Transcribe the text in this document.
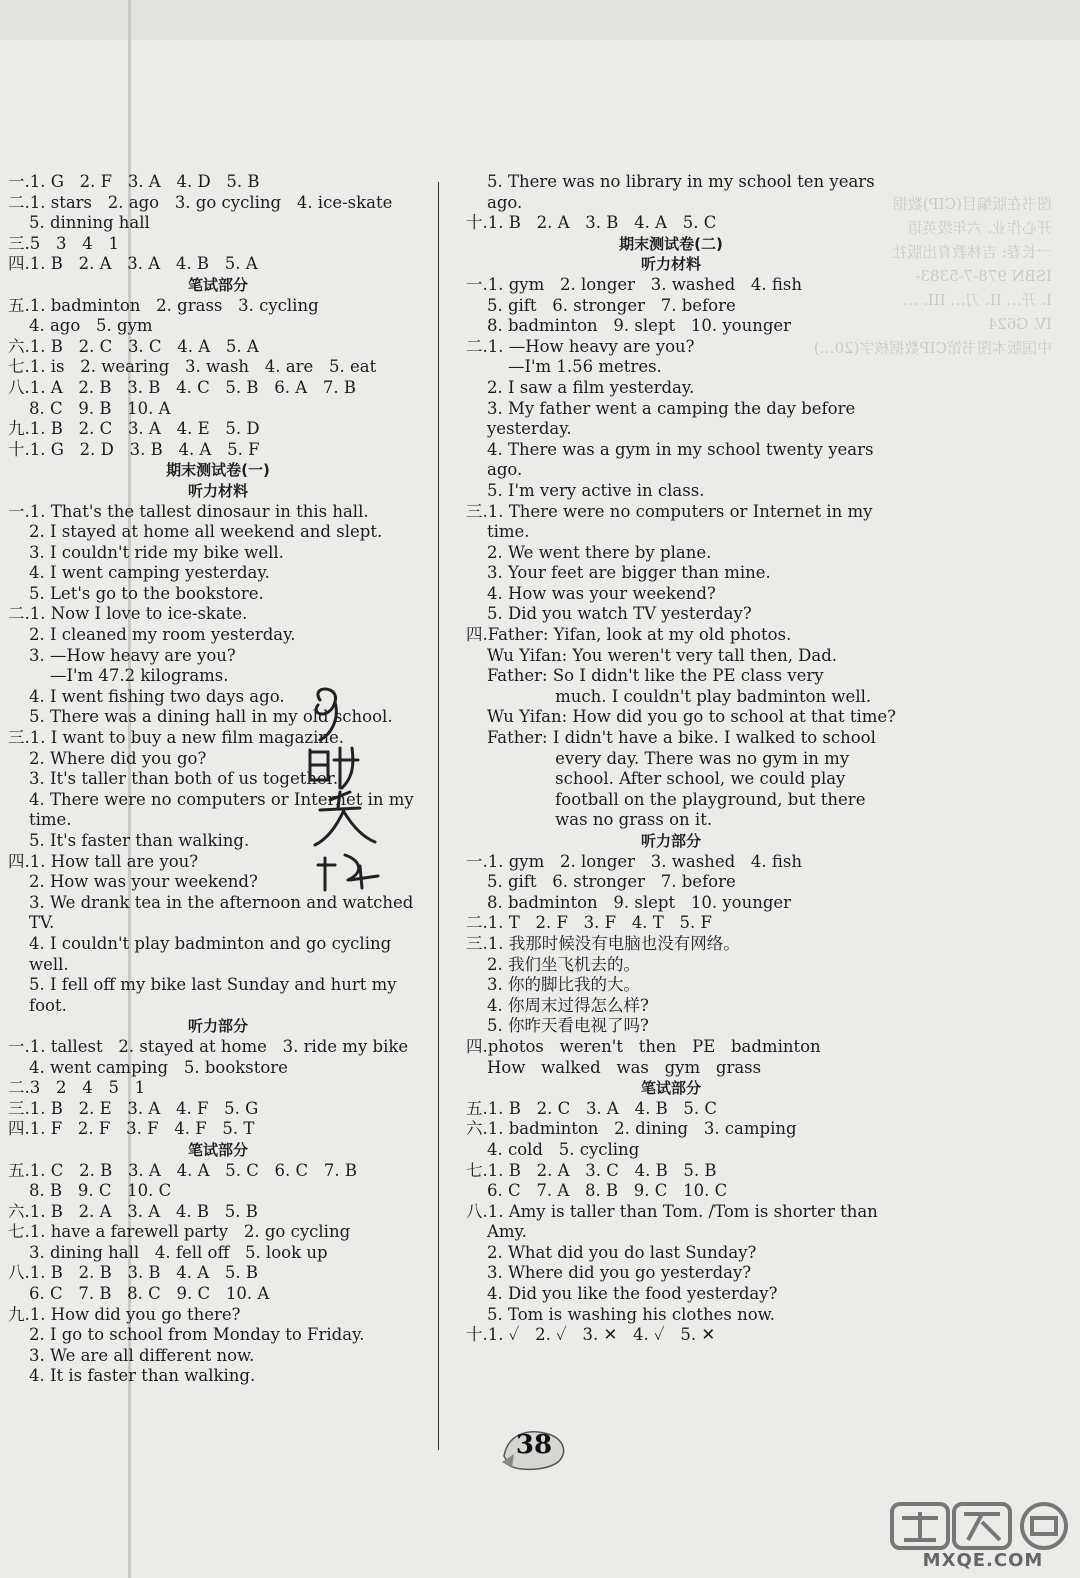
图书在版编目(CIP)数据
开心作业. 六年级英语
一长春: 吉林教育出版社
ISBN 978-7-5383-
I. 开… II. 刀… III. …
IV. G624
中国版本图书馆CIP数据核字(20…)
一.1. G   2. F   3. A   4. D   5. B
二.1. stars   2. ago   3. go cycling   4. ice-skate
5. dinning hall
三.5   3   4   1
四.1. B   2. A   3. A   4. B   5. A
笔试部分
五.1. badminton   2. grass   3. cycling
4. ago   5. gym
六.1. B   2. C   3. C   4. A   5. A
七.1. is   2. wearing   3. wash   4. are   5. eat
八.1. A   2. B   3. B   4. C   5. B   6. A   7. B
8. C   9. B   10. A
九.1. B   2. C   3. A   4. E   5. D
十.1. G   2. D   3. B   4. A   5. F
期末测试卷(一)
听力材料
一.1. That's the tallest dinosaur in this hall.
2. I stayed at home all weekend and slept.
3. I couldn't ride my bike well.
4. I went camping yesterday.
5. Let's go to the bookstore.
二.1. Now I love to ice-skate.
2. I cleaned my room yesterday.
3. —How heavy are you?
—I'm 47.2 kilograms.
4. I went fishing two days ago.
5. There was a dining hall in my old school.
三.1. I want to buy a new film magazine.
2. Where did you go?
3. It's taller than both of us together.
4. There were no computers or Internet in my
time.
5. It's faster than walking.
四.1. How tall are you?
2. How was your weekend?
3. We drank tea in the afternoon and watched
TV.
4. I couldn't play badminton and go cycling
well.
5. I fell off my bike last Sunday and hurt my
foot.
听力部分
一.1. tallest   2. stayed at home   3. ride my bike
4. went camping   5. bookstore
二.3   2   4   5   1
三.1. B   2. E   3. A   4. F   5. G
四.1. F   2. F   3. F   4. F   5. T
笔试部分
五.1. C   2. B   3. A   4. A   5. C   6. C   7. B
8. B   9. C   10. C
六.1. B   2. A   3. A   4. B   5. B
七.1. have a farewell party   2. go cycling
3. dining hall   4. fell off   5. look up
八.1. B   2. B   3. B   4. A   5. B
6. C   7. B   8. C   9. C   10. A
九.1. How did you go there?
2. I go to school from Monday to Friday.
3. We are all different now.
4. It is faster than walking.
5. There was no library in my school ten years
ago.
十.1. B   2. A   3. B   4. A   5. C
期末测试卷(二)
听力材料
一.1. gym   2. longer   3. washed   4. fish
5. gift   6. stronger   7. before
8. badminton   9. slept   10. younger
二.1. —How heavy are you?
—I'm 1.56 metres.
2. I saw a film yesterday.
3. My father went a camping the day before
yesterday.
4. There was a gym in my school twenty years
ago.
5. I'm very active in class.
三.1. There were no computers or Internet in my
time.
2. We went there by plane.
3. Your feet are bigger than mine.
4. How was your weekend?
5. Did you watch TV yesterday?
四.Father: Yifan, look at my old photos.
Wu Yifan: You weren't very tall then, Dad.
Father: So I didn't like the PE class very
much. I couldn't play badminton well.
Wu Yifan: How did you go to school at that time?
Father: I didn't have a bike. I walked to school
every day. There was no gym in my
school. After school, we could play
football on the playground, but there
was no grass on it.
听力部分
一.1. gym   2. longer   3. washed   4. fish
5. gift   6. stronger   7. before
8. badminton   9. slept   10. younger
二.1. T   2. F   3. F   4. T   5. F
三.1. 我那时候没有电脑也没有网络。
2. 我们坐飞机去的。
3. 你的脚比我的大。
4. 你周末过得怎么样?
5. 你昨天看电视了吗?
四.photos   weren't   then   PE   badminton
How   walked   was   gym   grass
笔试部分
五.1. B   2. C   3. A   4. B   5. C
六.1. badminton   2. dining   3. camping
4. cold   5. cycling
七.1. B   2. A   3. C   4. B   5. B
6. C   7. A   8. B   9. C   10. C
八.1. Amy is taller than Tom. /Tom is shorter than
Amy.
2. What did you do last Sunday?
3. Where did you go yesterday?
4. Did you like the food yesterday?
5. Tom is washing his clothes now.
十.1. ✓   2. ✓   3. ✕   4. ✓   5. ✕
38
MXQE.COM
